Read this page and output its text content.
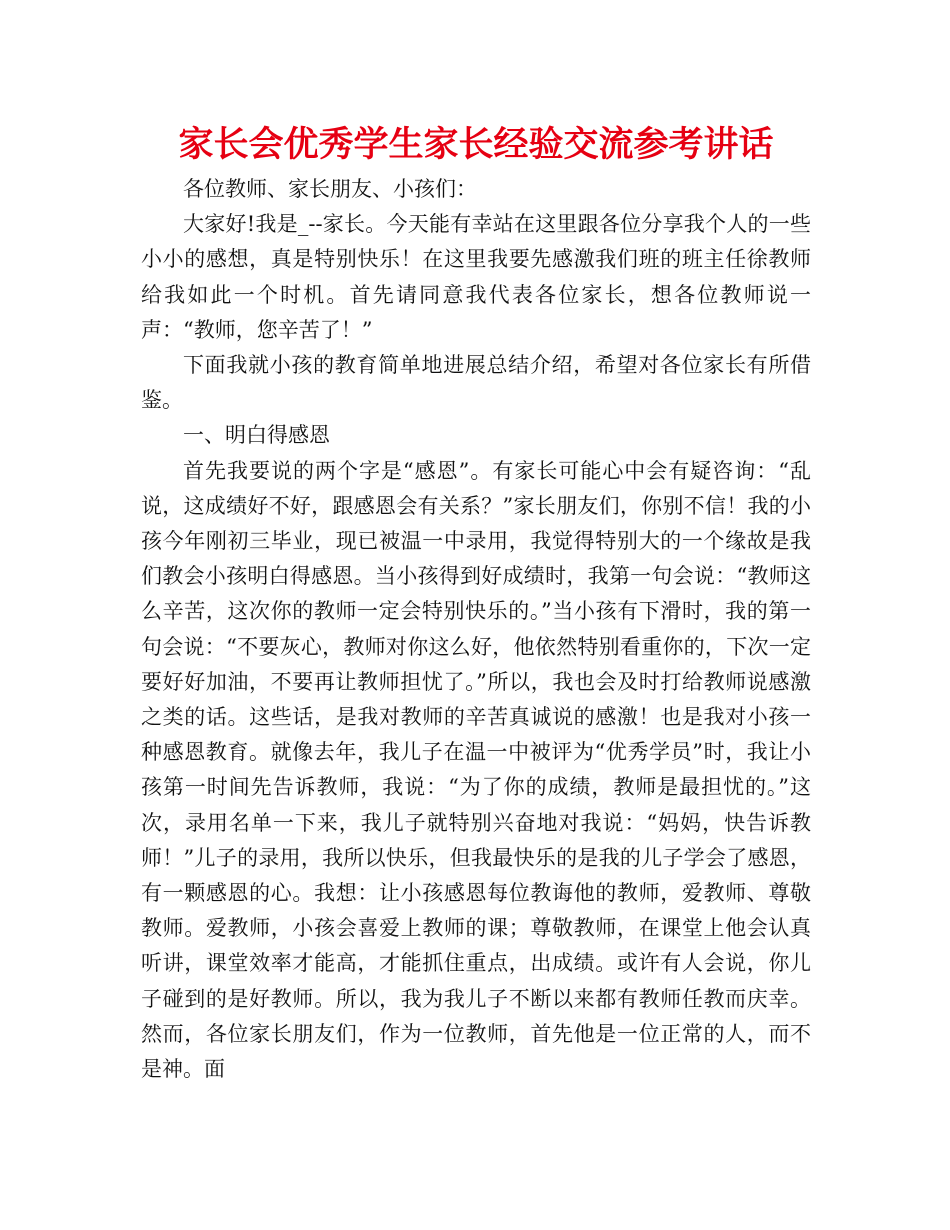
家长会优秀学生家长经验交流参考讲话

各位教师、家长朋友、小孩们：

大家好!我是_--家长。今天能有幸站在这里跟各位分享我个人的一些小小的感想，真是特别快乐！在这里我要先感激我们班的班主任徐教师给我如此一个时机。首先请同意我代表各位家长，想各位教师说一声：“教师，您辛苦了！”

下面我就小孩的教育简单地进展总结介绍，希望对各位家长有所借鉴。

一、明白得感恩

首先我要说的两个字是“感恩”。有家长可能心中会有疑咨询：“乱说，这成绩好不好，跟感恩会有关系？”家长朋友们，你别不信！我的小孩今年刚初三毕业，现已被温一中录用，我觉得特别大的一个缘故是我们教会小孩明白得感恩。当小孩得到好成绩时，我第一句会说：“教师这么辛苦，这次你的教师一定会特别快乐的。”当小孩有下滑时，我的第一句会说：“不要灰心，教师对你这么好，他依然特别看重你的，下次一定要好好加油，不要再让教师担忧了。”所以，我也会及时打给教师说感激之类的话。这些话，是我对教师的辛苦真诚说的感激！也是我对小孩一种感恩教育。就像去年，我儿子在温一中被评为“优秀学员”时，我让小孩第一时间先告诉教师，我说：“为了你的成绩，教师是最担忧的。”这次，录用名单一下来，我儿子就特别兴奋地对我说：“妈妈，快告诉教师！”儿子的录用，我所以快乐，但我最快乐的是我的儿子学会了感恩，有一颗感恩的心。我想：让小孩感恩每位教诲他的教师，爱教师、尊敬教师。爱教师，小孩会喜爱上教师的课；尊敬教师，在课堂上他会认真听讲，课堂效率才能高，才能抓住重点，出成绩。或许有人会说，你儿子碰到的是好教师。所以，我为我儿子不断以来都有教师任教而庆幸。然而，各位家长朋友们，作为一位教师，首先他是一位正常的人，而不是神。面
